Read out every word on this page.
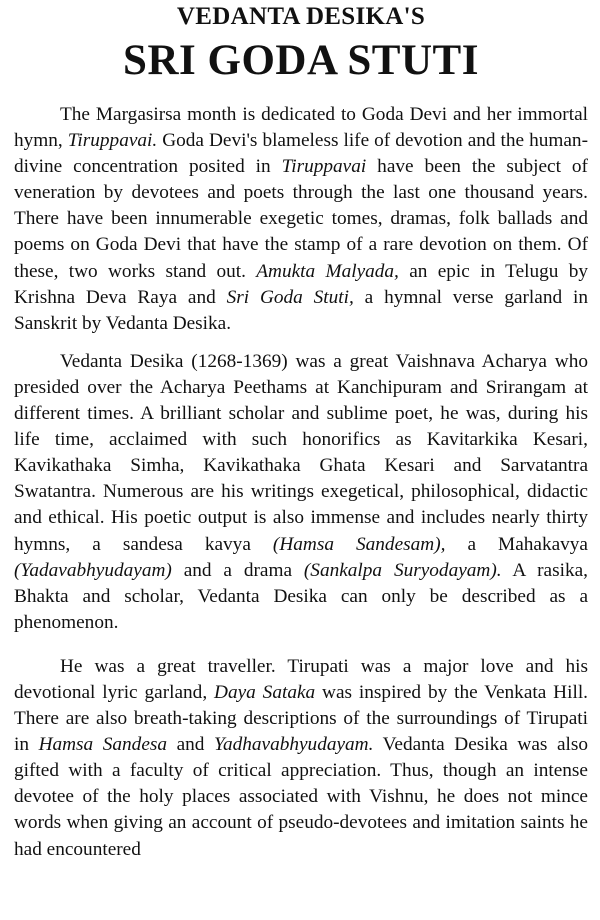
VEDANTA DESIKA'S
SRI GODA STUTI

The Margasirsa month is dedicated to Goda Devi and her immortal hymn, Tiruppavai. Goda Devi's blameless life of devotion and the human-divine concentration posited in Tiruppavai have been the subject of veneration by devotees and poets through the last one thousand years. There have been innumerable exegetic tomes, dramas, folk ballads and poems on Goda Devi that have the stamp of a rare devotion on them. Of these, two works stand out. Amukta Malyada, an epic in Telugu by Krishna Deva Raya and Sri Goda Stuti, a hymnal verse garland in Sanskrit by Vedanta Desika.

Vedanta Desika (1268-1369) was a great Vaishnava Acharya who presided over the Acharya Peethams at Kanchipuram and Srirangam at different times. A brilliant scholar and sublime poet, he was, during his life time, acclaimed with such honorifics as Kavitarkika Kesari, Kavikathaka Simha, Kavikathaka Ghata Kesari and Sarvatantra Swatantra. Numerous are his writings exegetical, philosophical, didactic and ethical. His poetic output is also immense and includes nearly thirty hymns, a sandesa kavya (Hamsa Sandesam), a Mahakavya (Yadavabhyudayam) and a drama (Sankalpa Suryodayam). A rasika, Bhakta and scholar, Vedanta Desika can only be described as a phenomenon.

He was a great traveller. Tirupati was a major love and his devotional lyric garland, Daya Sataka was inspired by the Venkata Hill. There are also breath-taking descriptions of the surroundings of Tirupati in Hamsa Sandesa and Yadhavabhyudayam. Vedanta Desika was also gifted with a faculty of critical appreciation. Thus, though an intense devotee of the holy places associated with Vishnu, he does not mince words when giving an account of pseudo-devotees and imitation saints he had encountered
